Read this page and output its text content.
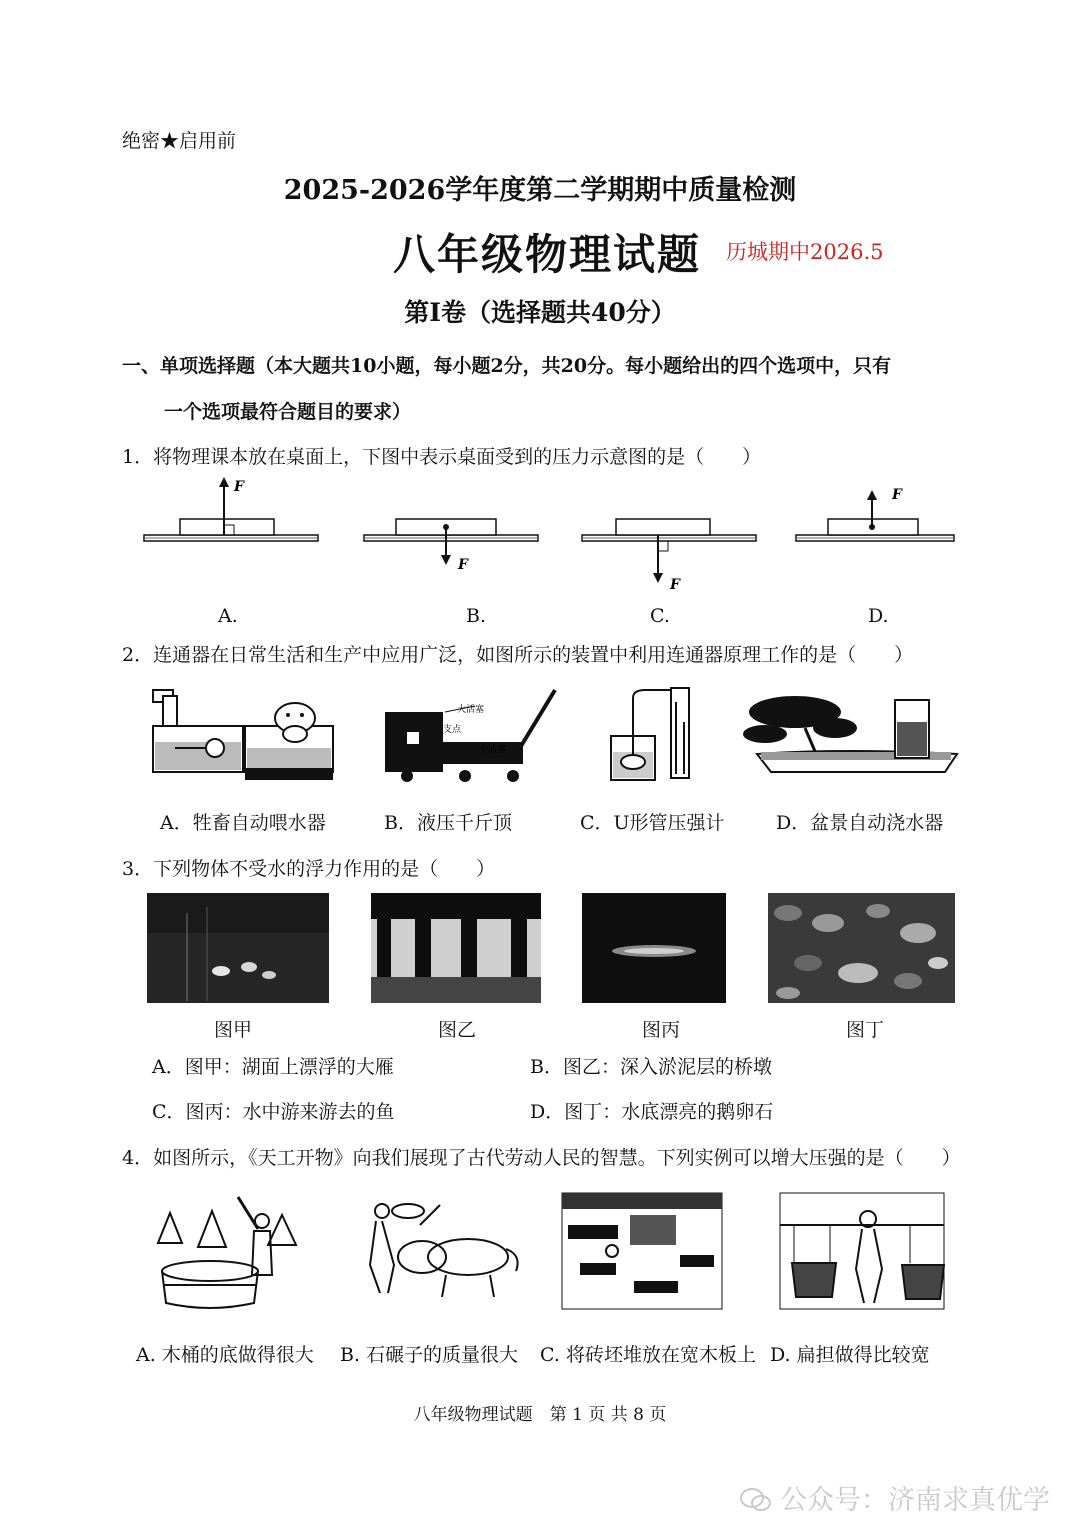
绝密★启用前
2025-2026学年度第二学期期中质量检测
八年级物理试题 历城期中2026.5
第Ⅰ卷（选择题共40分）
一、单项选择题（本大题共10小题，每小题2分，共20分。每小题给出的四个选项中，只有
一个选项最符合题目的要求）
1．将物理课本放在桌面上，下图中表示桌面受到的压力示意图的是（　　）
F
F
F
F
A.	B.	C.	D.
2．连通器在日常生活和生产中应用广泛，如图所示的装置中利用连通器原理工作的是（　　）
大活塞
支点
小活塞
A．牲畜自动喂水器	B．液压千斤顶	C．U形管压强计	D．盆景自动浇水器
3．下列物体不受水的浮力作用的是（　　）
图甲	图乙	图丙	图丁
A．图甲：湖面上漂浮的大雁	B．图乙：深入淤泥层的桥墩
C．图丙：水中游来游去的鱼	D．图丁：水底漂亮的鹅卵石
4．如图所示，《天工开物》向我们展现了古代劳动人民的智慧。下列实例可以增大压强的是（　　）
A. 木桶的底做得很大 B. 石碾子的质量很大 C. 将砖坯堆放在宽木板上 D. 扁担做得比较宽
八年级物理试题　第 1 页 共 8 页
公众号：济南求真优学
